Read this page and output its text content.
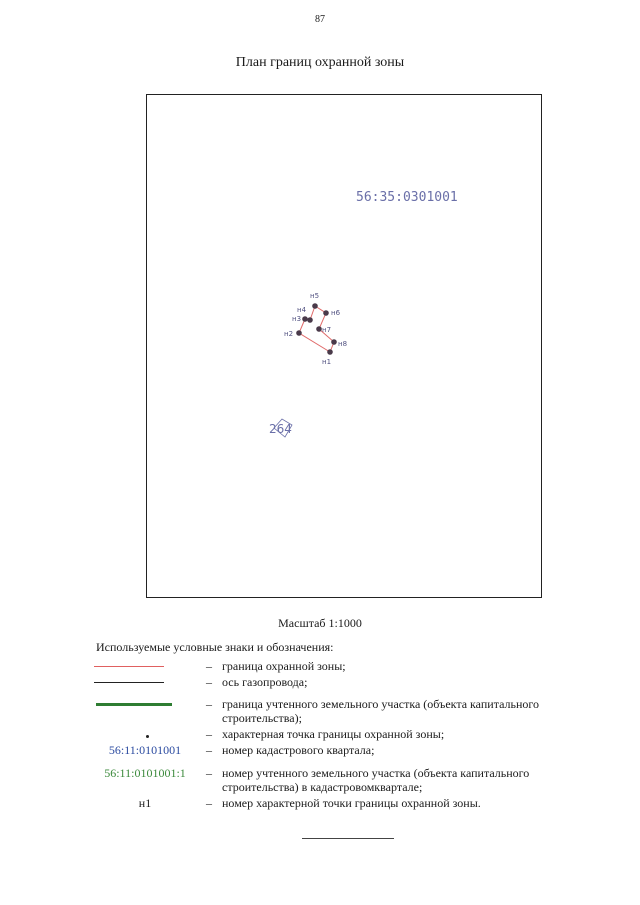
87
План границ охранной зоны
56:35:0301001
н1
н2
н3
н4
н5
н6
н7
н8
264
Масштаб 1:1000
Используемые условные знаки и обозначения:
– граница охранной зоны;
– ось газопровода;
– граница учтенного земельного участка (объекта капитального строительства);
– характерная точка границы охранной зоны;
56:11:0101001	– номер кадастрового квартала;
56:11:0101001:1	– номер учтенного земельного участка (объекта капитального строительства) в кадастровомквартале;
н1	– номер характерной точки границы охранной зоны.
